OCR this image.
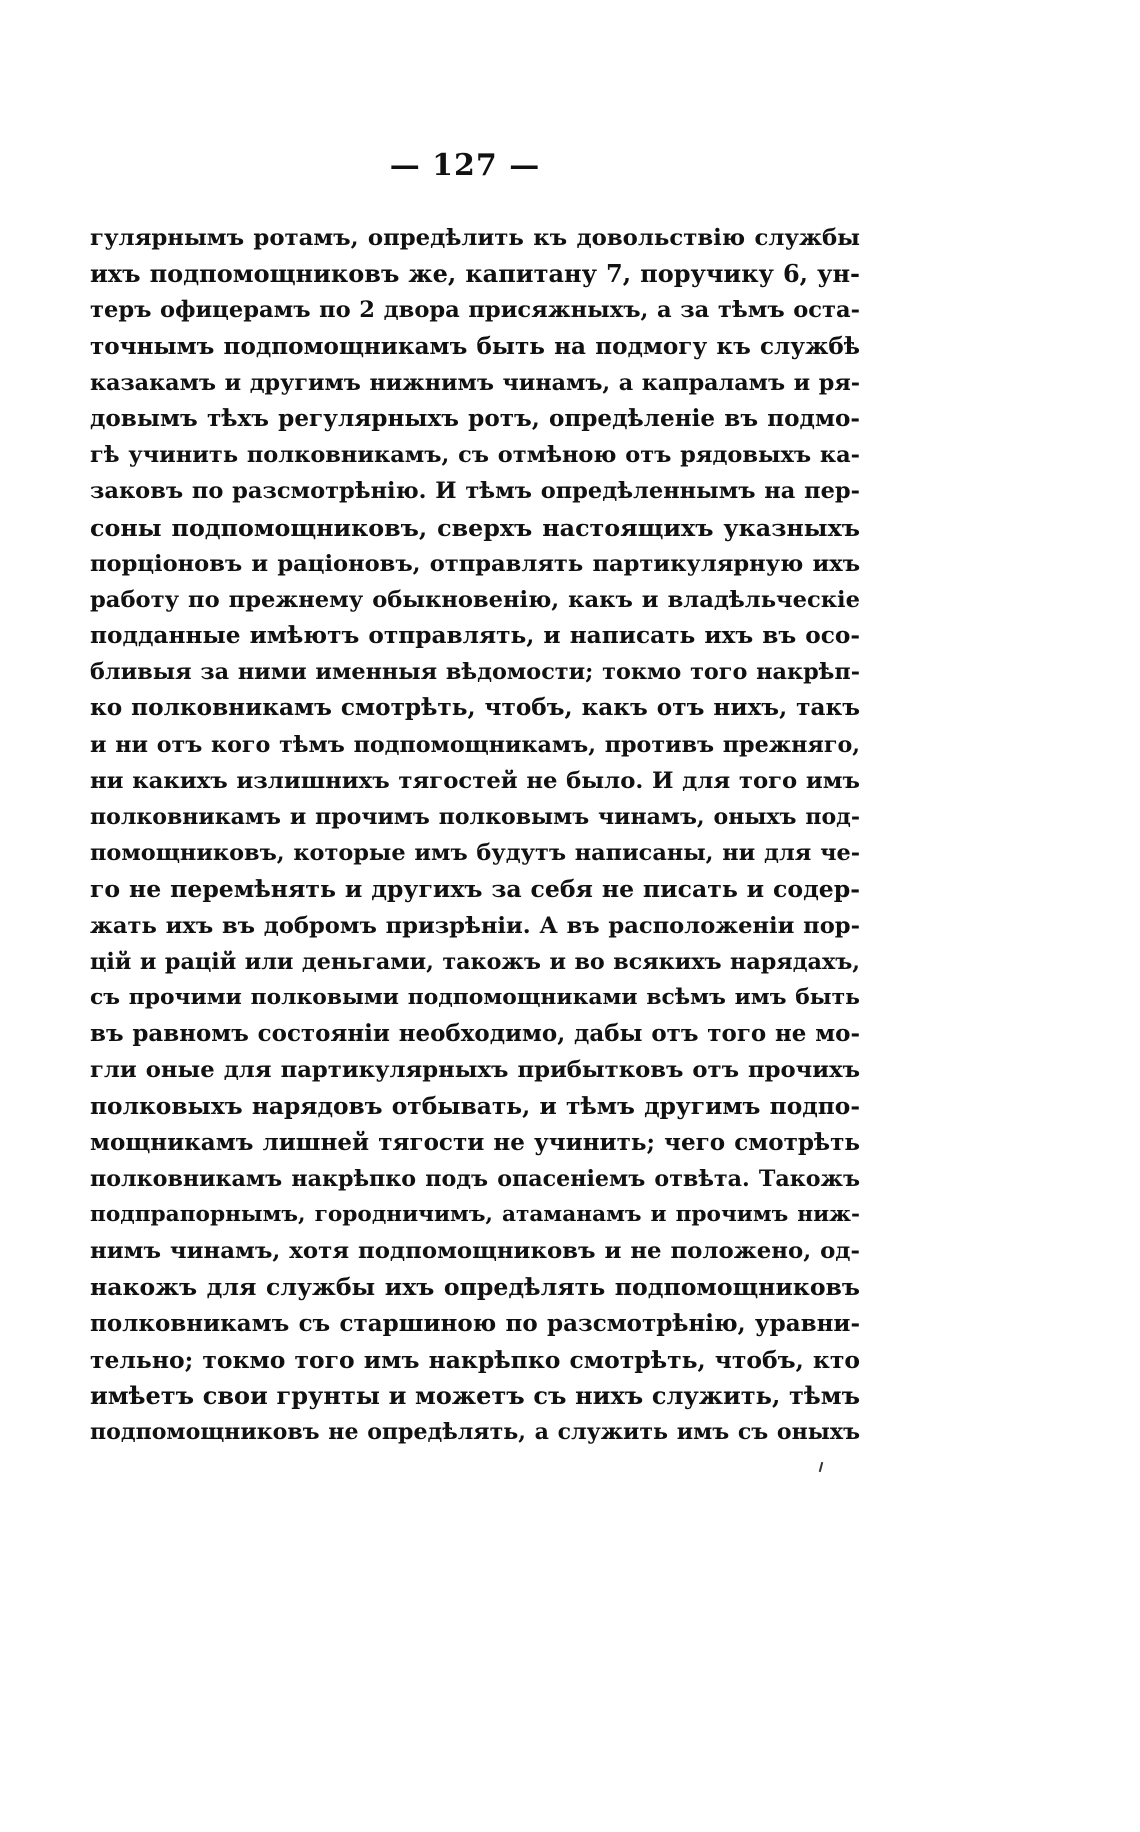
— 127 —
гулярнымъ ротамъ, опредѣлить къ довольствію службы
ихъ подпомощниковъ же, капитану 7, поручику 6, ун-
теръ офицерамъ по 2 двора присяжныхъ, а за тѣмъ оста-
точнымъ подпомощникамъ быть на подмогу къ службѣ
казакамъ и другимъ нижнимъ чинамъ, а капраламъ и ря-
довымъ тѣхъ регулярныхъ ротъ, опредѣленіе въ подмо-
гѣ учинить полковникамъ, съ отмѣною отъ рядовыхъ ка-
заковъ по разсмотрѣнію. И тѣмъ опредѣленнымъ на пер-
соны подпомощниковъ, сверхъ настоящихъ указныхъ
порціоновъ и раціоновъ, отправлять партикулярную ихъ
работу по прежнему обыкновенію, какъ и владѣльческіе
подданные имѣютъ отправлять, и написать ихъ въ осо-
бливыя за ними именныя вѣдомости; токмо того накрѣп-
ко полковникамъ смотрѣть, чтобъ, какъ отъ нихъ, такъ
и ни отъ кого тѣмъ подпомощникамъ, противъ прежняго,
ни какихъ излишнихъ тягостей не было. И для того имъ
полковникамъ и прочимъ полковымъ чинамъ, оныхъ под-
помощниковъ, которые имъ будутъ написаны, ни для че-
го не перемѣнять и другихъ за себя не писать и содер-
жать ихъ въ добромъ призрѣніи. А въ расположеніи пор-
цій и рацій или деньгами, такожъ и во всякихъ нарядахъ,
съ прочими полковыми подпомощниками всѣмъ имъ быть
въ равномъ состояніи необходимо, дабы отъ того не мо-
гли оные для партикулярныхъ прибытковъ отъ прочихъ
полковыхъ нарядовъ отбывать, и тѣмъ другимъ подпо-
мощникамъ лишней тягости не учинить; чего смотрѣть
полковникамъ накрѣпко подъ опасеніемъ отвѣта. Такожъ
подпрапорнымъ, городничимъ, атаманамъ и прочимъ ниж-
нимъ чинамъ, хотя подпомощниковъ и не положено, од-
накожъ для службы ихъ опредѣлять подпомощниковъ
полковникамъ съ старшиною по разсмотрѣнію, уравни-
тельно; токмо того имъ накрѣпко смотрѣть, чтобъ, кто
имѣетъ свои грунты и можетъ съ нихъ служить, тѣмъ
подпомощниковъ не опредѣлять, а служить имъ съ оныхъ
